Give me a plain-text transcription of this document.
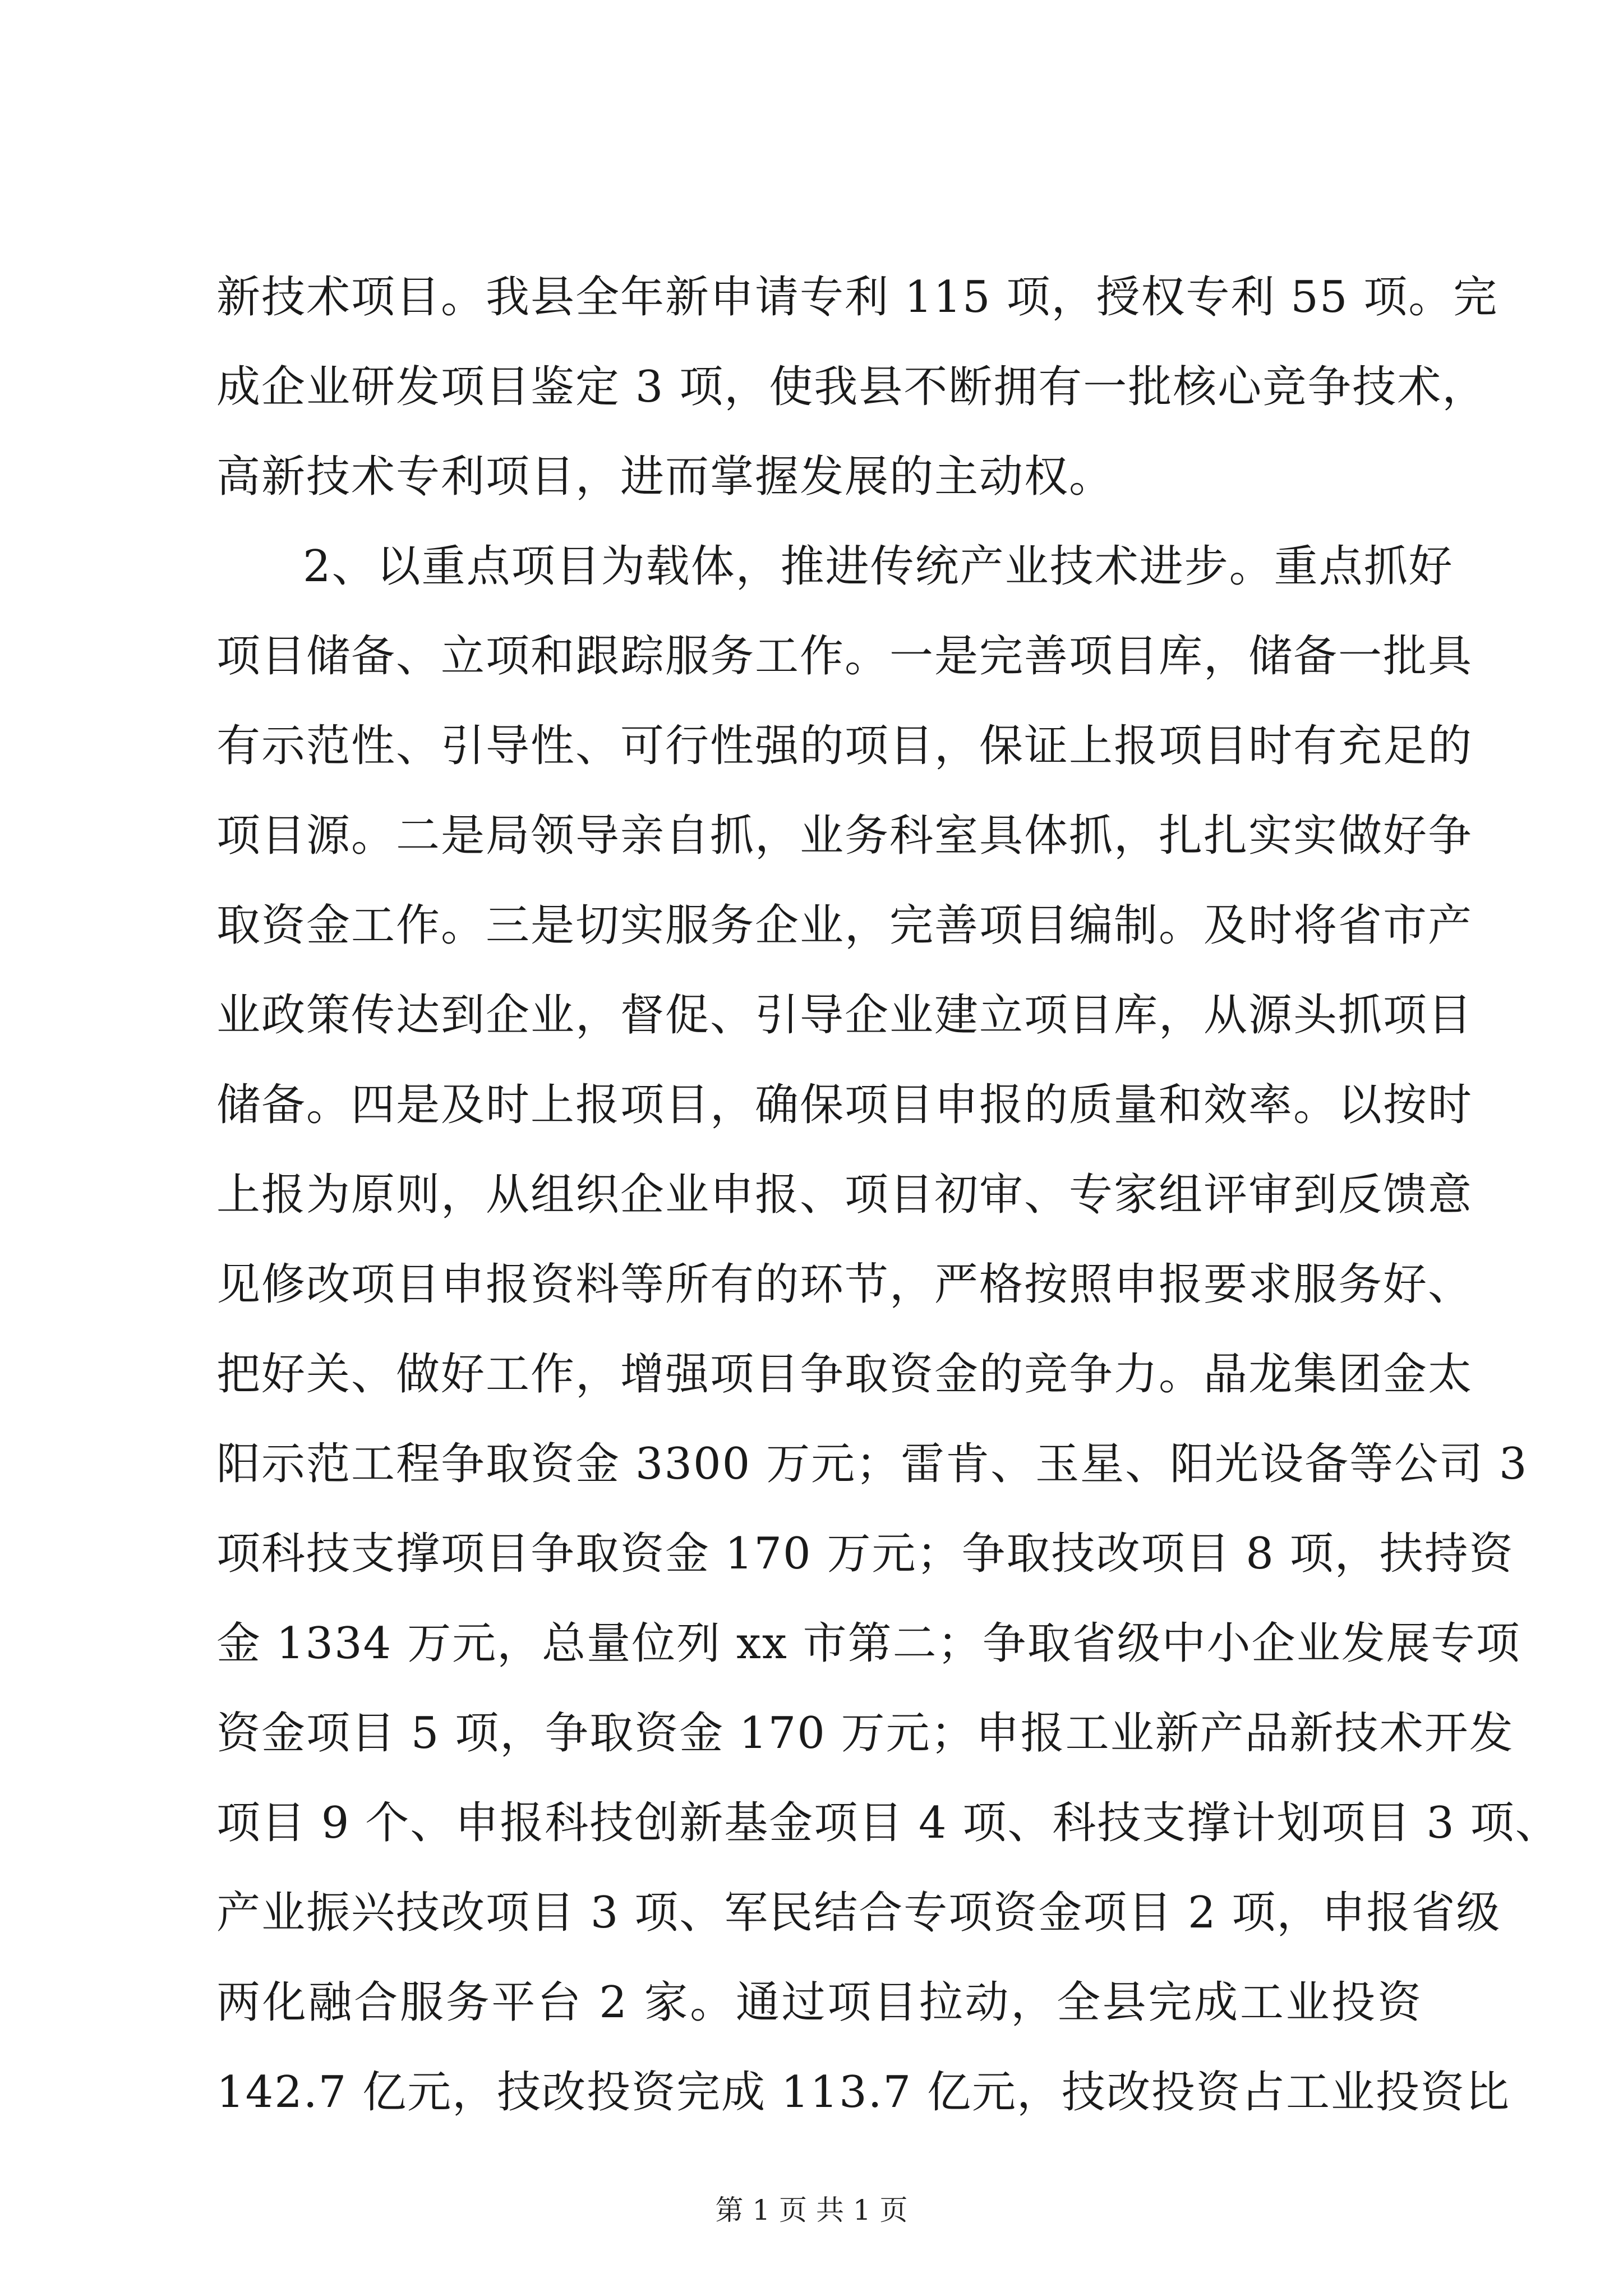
新技术项目。我县全年新申请专利 115 项，授权专利 55 项。完
成企业研发项目鉴定 3 项，使我县不断拥有一批核心竞争技术，
高新技术专利项目，进而掌握发展的主动权。
2、以重点项目为载体，推进传统产业技术进步。重点抓好
项目储备、立项和跟踪服务工作。一是完善项目库，储备一批具
有示范性、引导性、可行性强的项目，保证上报项目时有充足的
项目源。二是局领导亲自抓，业务科室具体抓，扎扎实实做好争
取资金工作。三是切实服务企业，完善项目编制。及时将省市产
业政策传达到企业，督促、引导企业建立项目库，从源头抓项目
储备。四是及时上报项目，确保项目申报的质量和效率。以按时
上报为原则，从组织企业申报、项目初审、专家组评审到反馈意
见修改项目申报资料等所有的环节，严格按照申报要求服务好、
把好关、做好工作，增强项目争取资金的竞争力。晶龙集团金太
阳示范工程争取资金 3300 万元；雷肯、玉星、阳光设备等公司 3
项科技支撑项目争取资金 170 万元；争取技改项目 8 项，扶持资
金 1334 万元，总量位列 xx 市第二；争取省级中小企业发展专项
资金项目 5 项，争取资金 170 万元；申报工业新产品新技术开发
项目 9 个、申报科技创新基金项目 4 项、科技支撑计划项目 3 项、
产业振兴技改项目 3 项、军民结合专项资金项目 2 项，申报省级
两化融合服务平台 2 家。通过项目拉动，全县完成工业投资
142.7 亿元，技改投资完成 113.7 亿元，技改投资占工业投资比
第 1 页 共 1 页
